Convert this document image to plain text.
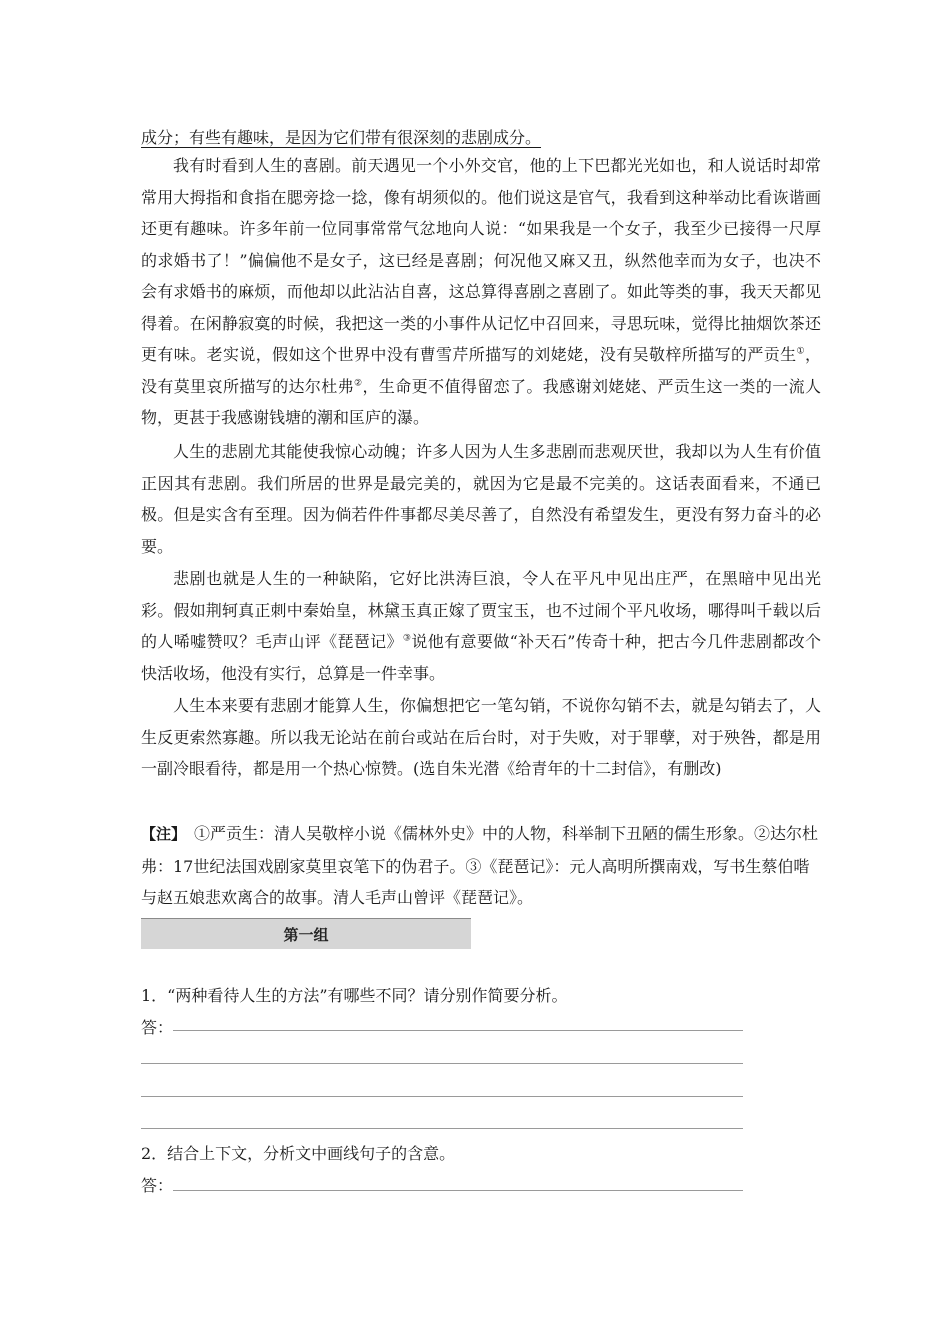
成分；有些有趣味，是因为它们带有很深刻的悲剧成分。

我有时看到人生的喜剧。前天遇见一个小外交官，他的上下巴都光光如也，和人说话时却常常用大拇指和食指在腮旁捻一捻，像有胡须似的。他们说这是官气，我看到这种举动比看诙谐画还更有趣味。许多年前一位同事常常气忿地向人说：“如果我是一个女子，我至少已接得一尺厚的求婚书了！”偏偏他不是女子，这已经是喜剧；何况他又麻又丑，纵然他幸而为女子，也决不会有求婚书的麻烦，而他却以此沾沾自喜，这总算得喜剧之喜剧了。如此等类的事，我天天都见得着。在闲静寂寞的时候，我把这一类的小事件从记忆中召回来，寻思玩味，觉得比抽烟饮茶还更有味。老实说，假如这个世界中没有曹雪芹所描写的刘姥姥，没有吴敬梓所描写的严贡生①，没有莫里哀所描写的达尔杜弗②，生命更不值得留恋了。我感谢刘姥姥、严贡生这一类的一流人物，更甚于我感谢钱塘的潮和匡庐的瀑。

人生的悲剧尤其能使我惊心动魄；许多人因为人生多悲剧而悲观厌世，我却以为人生有价值正因其有悲剧。我们所居的世界是最完美的，就因为它是最不完美的。这话表面看来，不通已极。但是实含有至理。因为倘若件件事都尽美尽善了，自然没有希望发生，更没有努力奋斗的必要。

悲剧也就是人生的一种缺陷，它好比洪涛巨浪，令人在平凡中见出庄严，在黑暗中见出光彩。假如荆轲真正刺中秦始皇，林黛玉真正嫁了贾宝玉，也不过闹个平凡收场，哪得叫千载以后的人唏嘘赞叹？毛声山评《琵琶记》③说他有意要做“补天石”传奇十种，把古今几件悲剧都改个快活收场，他没有实行，总算是一件幸事。

人生本来要有悲剧才能算人生，你偏想把它一笔勾销，不说你勾销不去，就是勾销去了，人生反更索然寡趣。所以我无论站在前台或站在后台时，对于失败，对于罪孽，对于殃咎，都是用一副冷眼看待，都是用一个热心惊赞。(选自朱光潜《给青年的十二封信》，有删改)

【注】 ①严贡生：清人吴敬梓小说《儒林外史》中的人物，科举制下丑陋的儒生形象。②达尔杜弗：17世纪法国戏剧家莫里哀笔下的伪君子。③《琵琶记》：元人高明所撰南戏，写书生蔡伯喈与赵五娘悲欢离合的故事。清人毛声山曾评《琵琶记》。

第一组

1．“两种看待人生的方法”有哪些不同？请分别作简要分析。

答：

2．结合上下文，分析文中画线句子的含意。

答：
